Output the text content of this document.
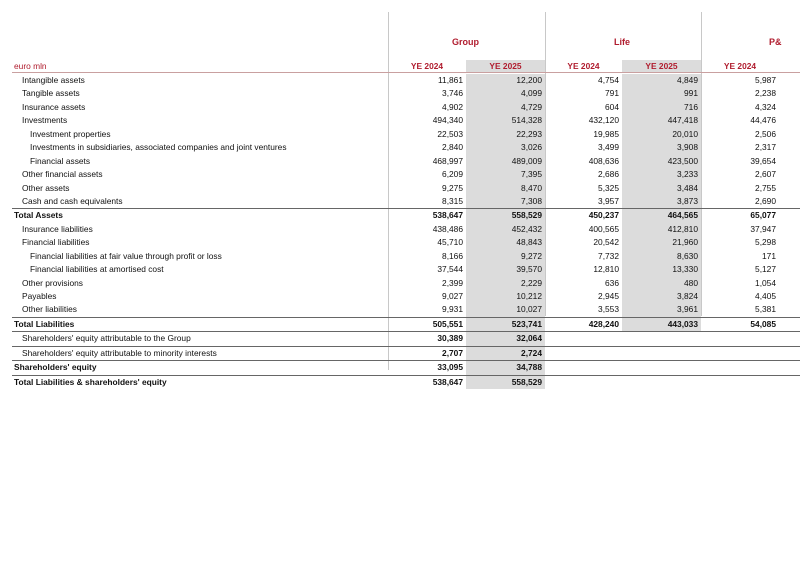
Group	Life	P&
euro mln	YE 2024	YE 2025	YE 2024	YE 2025	YE 2024
Intangible assets	11,861	12,200	4,754	4,849	5,987
Tangible assets	3,746	4,099	791	991	2,238
Insurance assets	4,902	4,729	604	716	4,324
Investments	494,340	514,328	432,120	447,418	44,476
Investment properties	22,503	22,293	19,985	20,010	2,506
Investments in subsidiaries, associated companies and joint ventures	2,840	3,026	3,499	3,908	2,317
Financial assets	468,997	489,009	408,636	423,500	39,654
Other financial assets	6,209	7,395	2,686	3,233	2,607
Other assets	9,275	8,470	5,325	3,484	2,755
Cash and cash equivalents	8,315	7,308	3,957	3,873	2,690
Total Assets	538,647	558,529	450,237	464,565	65,077
Insurance liabilities	438,486	452,432	400,565	412,810	37,947
Financial liabilities	45,710	48,843	20,542	21,960	5,298
Financial liabilities at fair value through profit or loss	8,166	9,272	7,732	8,630	171
Financial liabilities at amortised cost	37,544	39,570	12,810	13,330	5,127
Other provisions	2,399	2,229	636	480	1,054
Payables	9,027	10,212	2,945	3,824	4,405
Other liabilities	9,931	10,027	3,553	3,961	5,381
Total Liabilities	505,551	523,741	428,240	443,033	54,085
Shareholders' equity attributable to the Group	30,389	32,064
Shareholders' equity attributable to minority interests	2,707	2,724
Shareholders' equity	33,095	34,788
Total Liabilities & shareholders' equity	538,647	558,529
